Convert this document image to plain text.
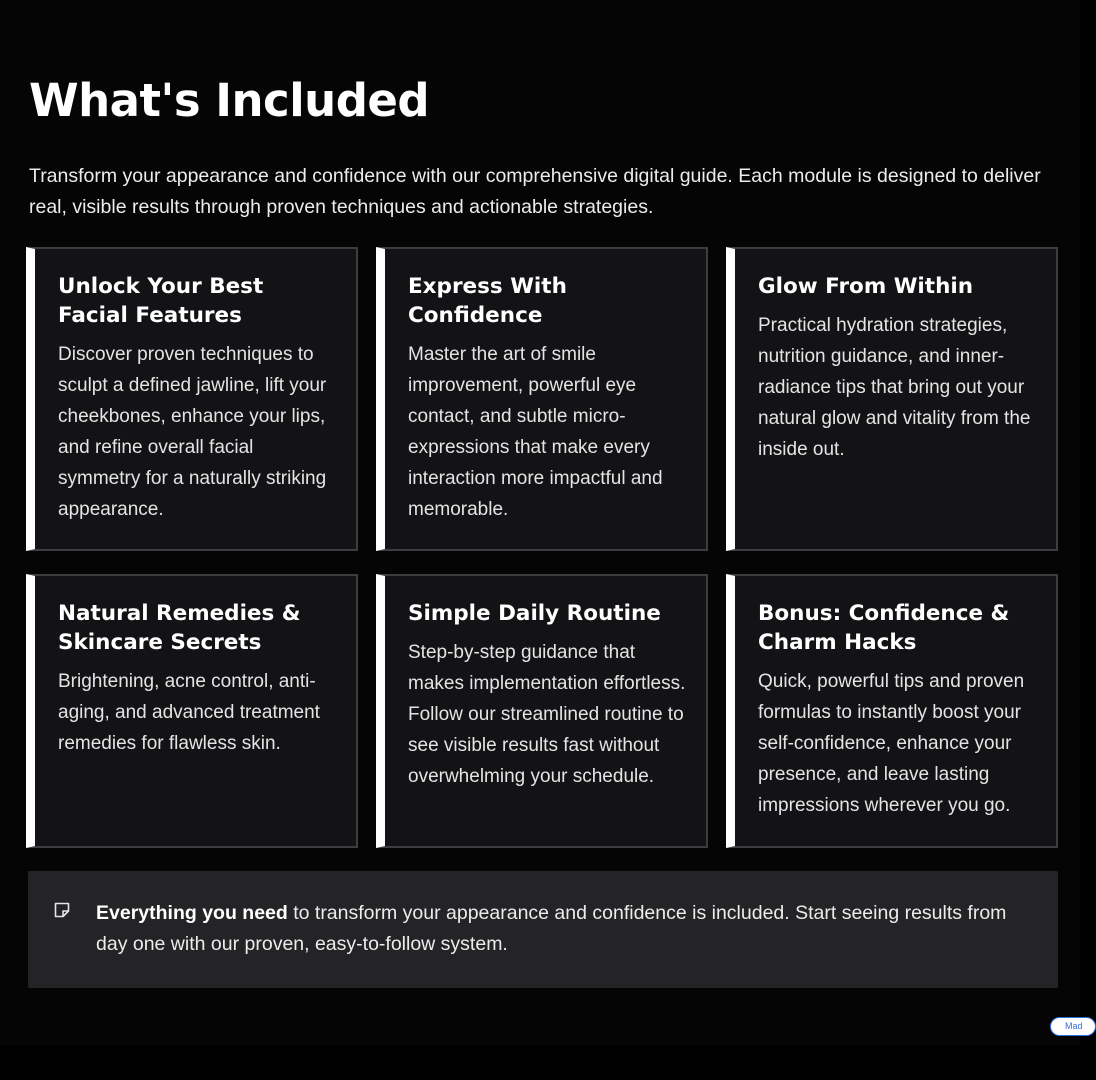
What's Included

Transform your appearance and confidence with our comprehensive digital guide. Each module is designed to deliver real, visible results through proven techniques and actionable strategies.

Unlock Your Best Facial Features

Discover proven techniques to sculpt a defined jawline, lift your cheekbones, enhance your lips, and refine overall facial symmetry for a naturally striking appearance.

Express With Confidence

Master the art of smile improvement, powerful eye contact, and subtle micro-expressions that make every interaction more impactful and memorable.

Glow From Within

Practical hydration strategies, nutrition guidance, and inner-radiance tips that bring out your natural glow and vitality from the inside out.

Natural Remedies & Skincare Secrets

Brightening, acne control, anti-aging, and advanced treatment remedies for flawless skin.

Simple Daily Routine

Step-by-step guidance that makes implementation effortless. Follow our streamlined routine to see visible results fast without overwhelming your schedule.

Bonus: Confidence & Charm Hacks

Quick, powerful tips and proven formulas to instantly boost your self-confidence, enhance your presence, and leave lasting impressions wherever you go.

Everything you need to transform your appearance and confidence is included. Start seeing results from day one with our proven, easy-to-follow system.

Mad
